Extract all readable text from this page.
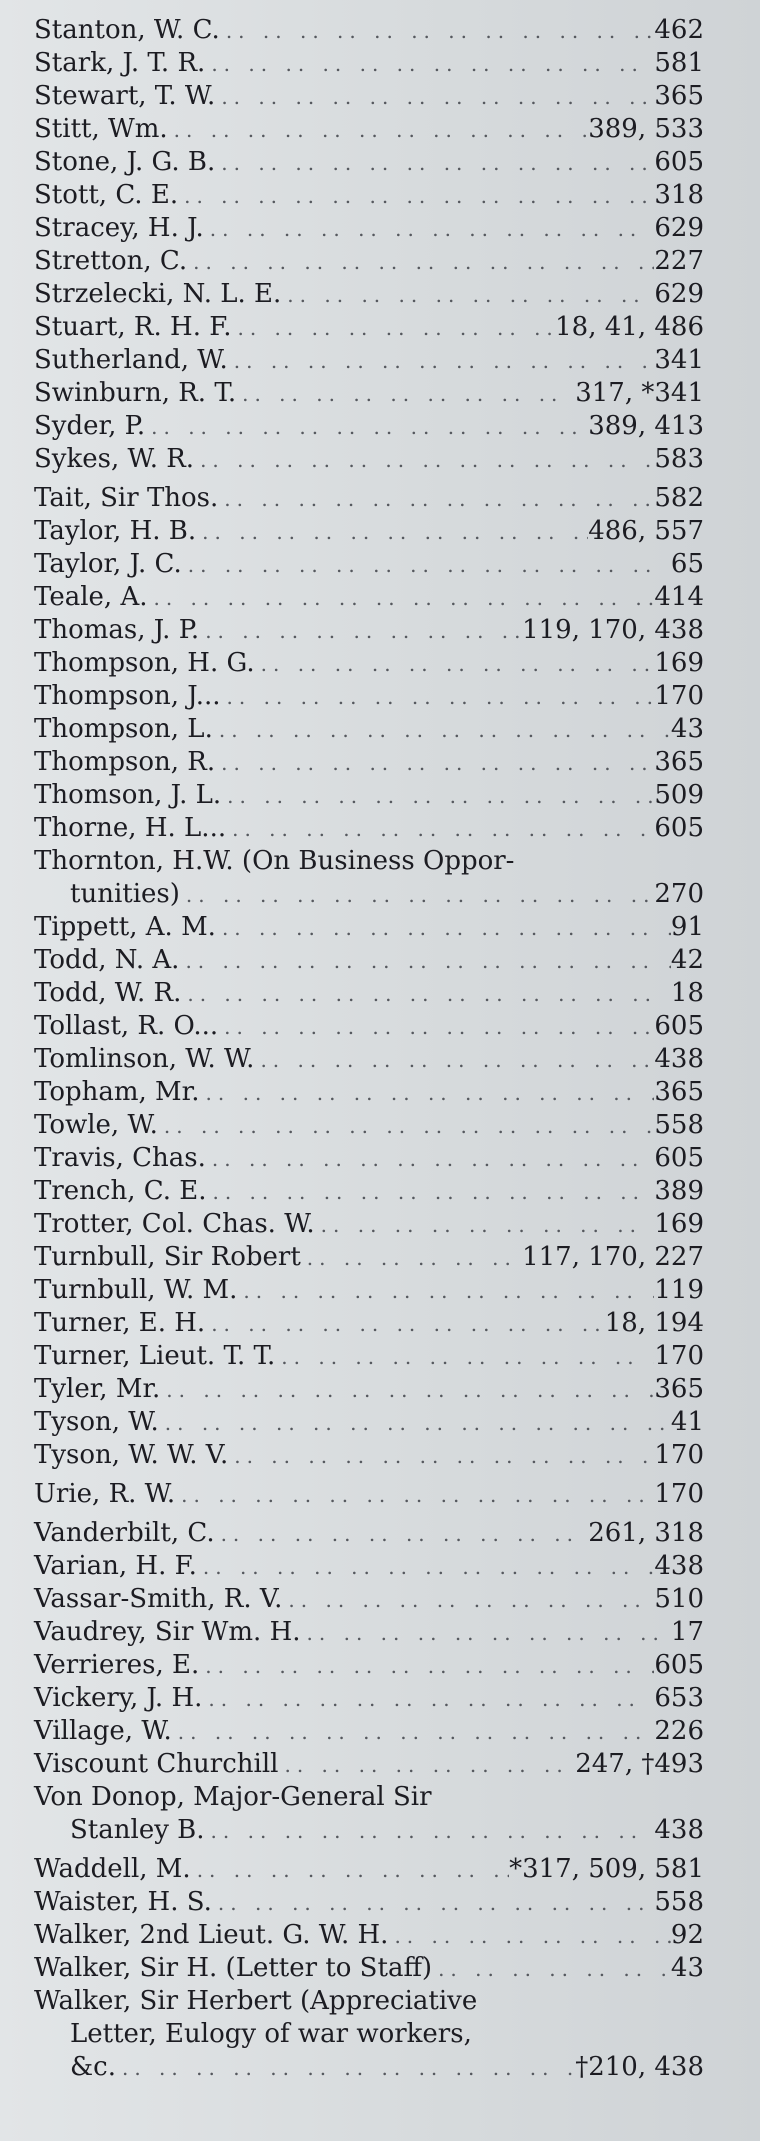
Stanton, W. C. .. ..	462
Stark, J. T. R. .. ..	581
Stewart, T. W. .. ..	365
Stitt, Wm. .. ..	389, 533
Stone, J. G. B. .. ..	605
Stott, C. E. .. ..	318
Stracey, H. J. .. ..	629
Stretton, C. .. ..	227
Strzelecki, N. L. E. .. ..	629
Stuart, R. H. F. .. ..	18, 41, 486
Sutherland, W. .. ..	341
Swinburn, R. T. .. ..	317, *341
Syder, P. .. ..	389, 413
Sykes, W. R. .. ..	583
Tait, Sir Thos. .. ..	582
Taylor, H. B. .. ..	486, 557
Taylor, J. C. .. ..	65
Teale, A. .. ..	414
Thomas, J. P. .. ..	119, 170, 438
Thompson, H. G. .. ..	169
Thompson, J... .. ..	170
Thompson, L. .. ..	43
Thompson, R. .. ..	365
Thomson, J. L. .. ..	509
Thorne, H. L... .. ..	605
Thornton, H.W. (On Business Oppor-
tunities) .. ..	270
Tippett, A. M. .. ..	91
Todd, N. A. .. ..	42
Todd, W. R. .. ..	18
Tollast, R. O... .. ..	605
Tomlinson, W. W. .. ..	438
Topham, Mr. .. ..	365
Towle, W. .. ..	558
Travis, Chas. .. ..	605
Trench, C. E. .. ..	389
Trotter, Col. Chas. W. .. ..	169
Turnbull, Sir Robert .. ..	117, 170, 227
Turnbull, W. M. .. ..	119
Turner, E. H. .. ..	18, 194
Turner, Lieut. T. T. .. ..	170
Tyler, Mr. .. ..	365
Tyson, W. .. ..	41
Tyson, W. W. V. .. ..	170
Urie, R. W. .. ..	170
Vanderbilt, C. .. ..	261, 318
Varian, H. F. .. ..	438
Vassar-Smith, R. V. .. ..	510
Vaudrey, Sir Wm. H. .. ..	17
Verrieres, E. .. ..	605
Vickery, J. H. .. ..	653
Village, W. .. ..	226
Viscount Churchill .. ..	247, †493
Von Donop, Major-General Sir
Stanley B. .. ..	438
Waddell, M. .. ..	*317, 509, 581
Waister, H. S. .. ..	558
Walker, 2nd Lieut. G. W. H. .. ..	92
Walker, Sir H. (Letter to Staff) .. ..	43
Walker, Sir Herbert (Appreciative
Letter, Eulogy of war workers,
&c. .. ..	†210, 438
